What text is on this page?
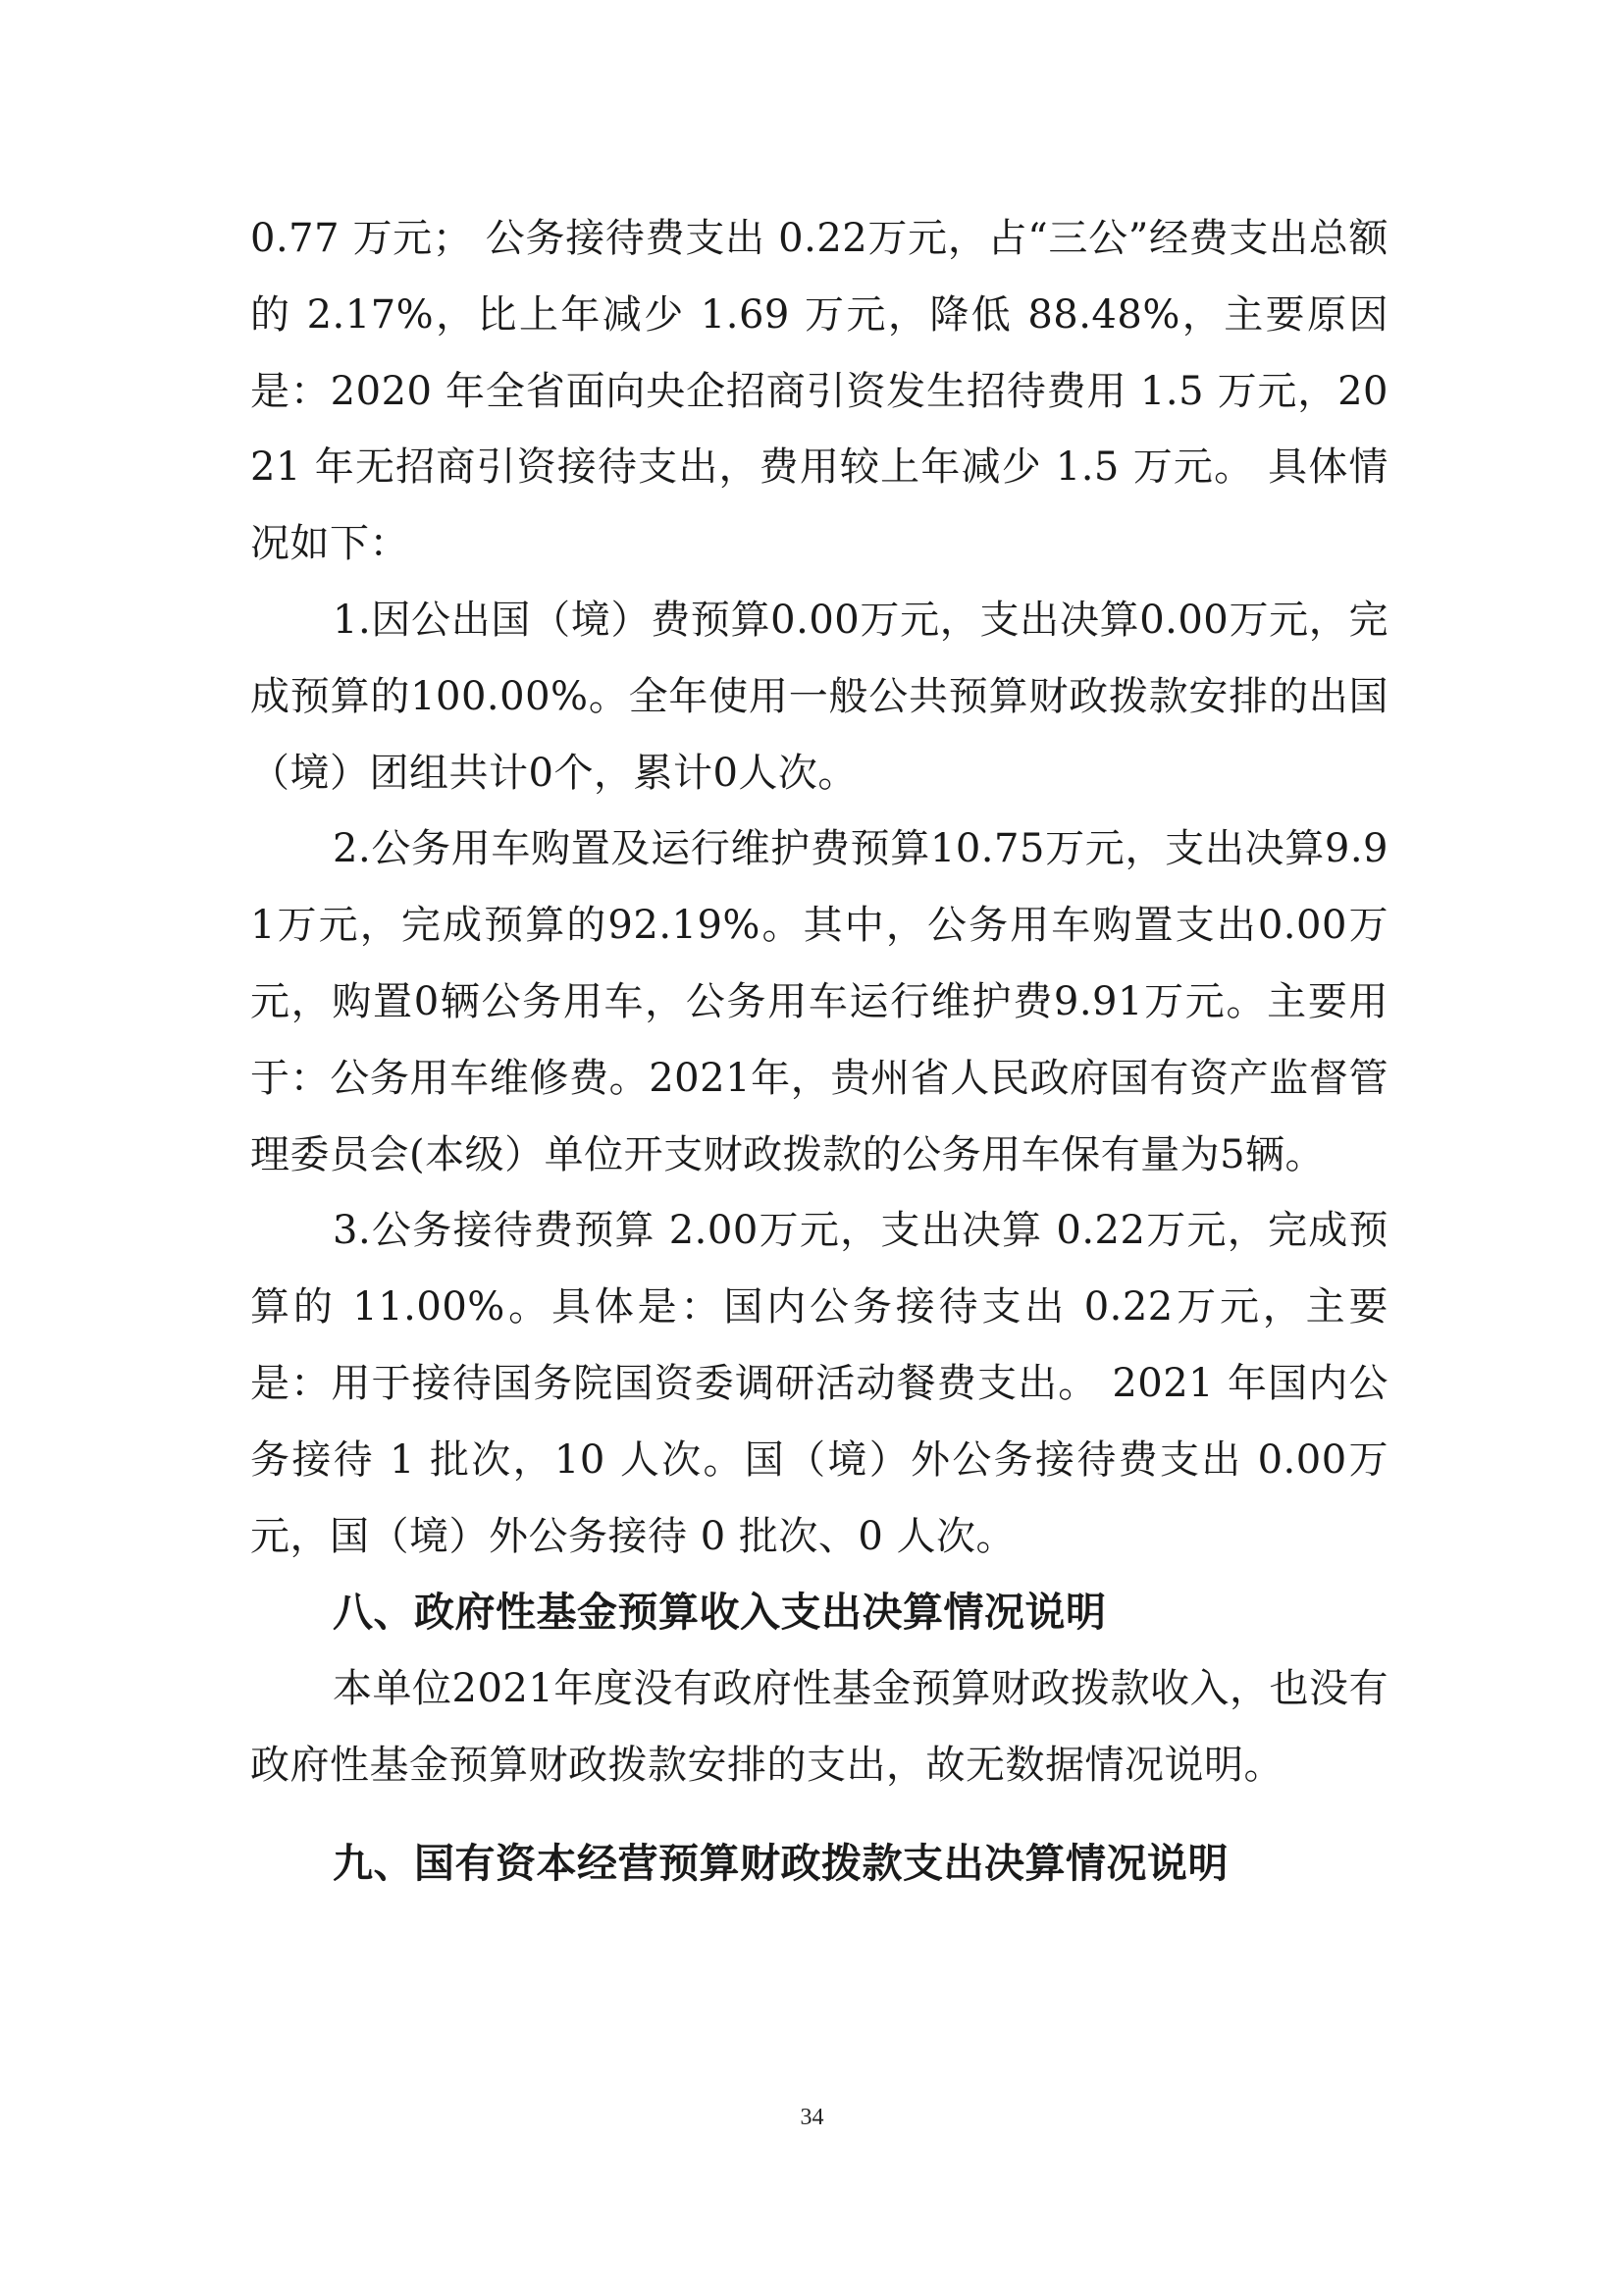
0.77 万元； 公务接待费支出 0.22万元，占“三公”经费支出总额的 2.17%，比上年减少 1.69 万元，降低 88.48%，主要原因是：2020 年全省面向央企招商引资发生招待费用 1.5 万元，2021 年无招商引资接待支出，费用较上年减少 1.5 万元。 具体情况如下：

1.因公出国（境）费预算0.00万元，支出决算0.00万元，完成预算的100.00%。全年使用一般公共预算财政拨款安排的出国（境）团组共计0个，累计0人次。

2.公务用车购置及运行维护费预算10.75万元，支出决算9.91万元，完成预算的92.19%。其中，公务用车购置支出0.00万元，购置0辆公务用车，公务用车运行维护费9.91万元。主要用于：公务用车维修费。2021年，贵州省人民政府国有资产监督管理委员会(本级）单位开支财政拨款的公务用车保有量为5辆。

3.公务接待费预算 2.00万元，支出决算 0.22万元，完成预算的 11.00%。具体是：国内公务接待支出 0.22万元，主要是：用于接待国务院国资委调研活动餐费支出。 2021 年国内公务接待 1 批次，10 人次。国（境）外公务接待费支出 0.00万元，国（境）外公务接待 0 批次、0 人次。

八、政府性基金预算收入支出决算情况说明

本单位2021年度没有政府性基金预算财政拨款收入，也没有政府性基金预算财政拨款安排的支出，故无数据情况说明。

九、国有资本经营预算财政拨款支出决算情况说明
34
